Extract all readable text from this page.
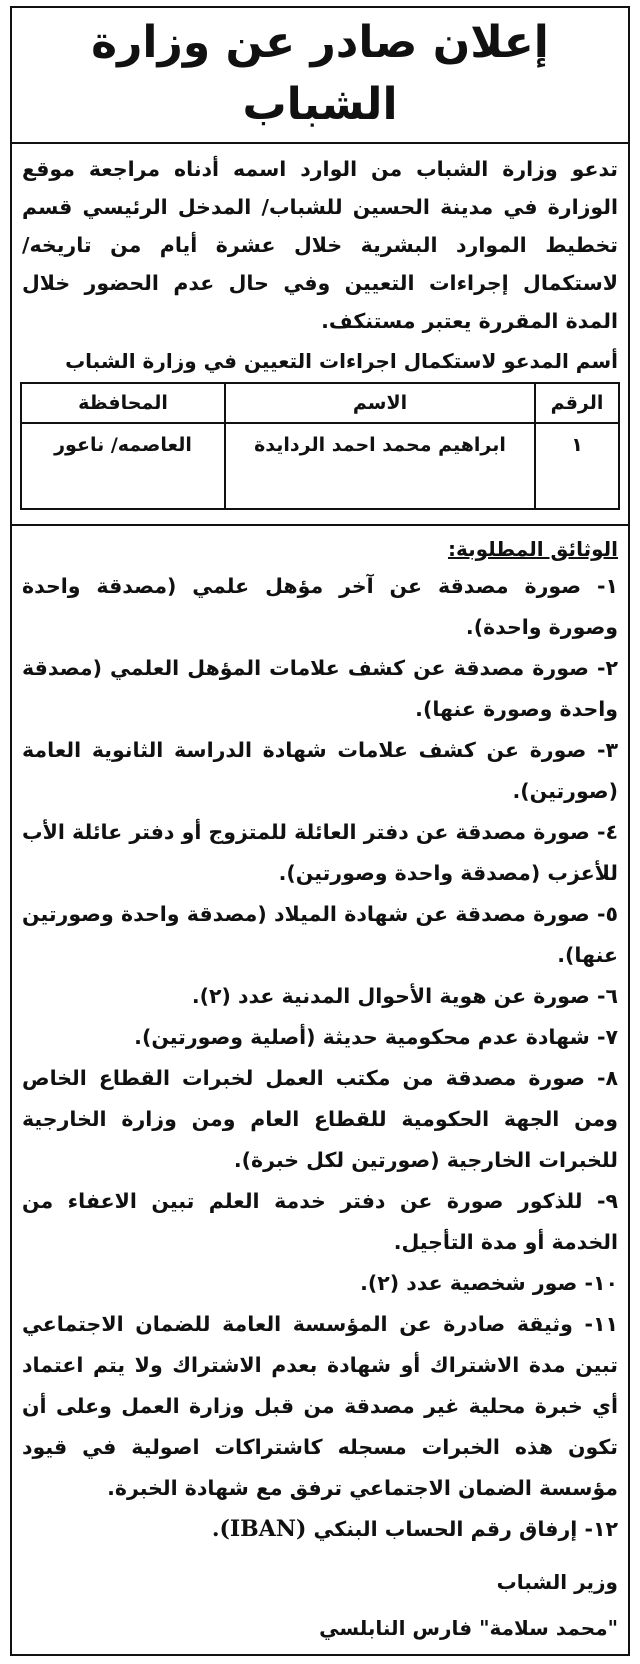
إعلان صادر عن وزارة الشباب

تدعو وزارة الشباب من الوارد اسمه أدناه مراجعة موقع الوزارة في مدينة الحسين للشباب/ المدخل الرئيسي قسم تخطيط الموارد البشرية خلال عشرة أيام من تاريخه/ لاستكمال إجراءات التعيين وفي حال عدم الحضور خلال المدة المقررة يعتبر مستنكف.

أسم المدعو لاستكمال اجراءات التعيين في وزارة الشباب

الرقم	الاسم	المحافظة
١	ابراهيم محمد احمد الردايدة	العاصمه/ ناعور

الوثائق المطلوبة:

١- صورة مصدقة عن آخر مؤهل علمي (مصدقة واحدة وصورة واحدة).
٢- صورة مصدقة عن كشف علامات المؤهل العلمي (مصدقة واحدة وصورة عنها).
٣- صورة عن كشف علامات شهادة الدراسة الثانوية العامة (صورتين).
٤- صورة مصدقة عن دفتر العائلة للمتزوج أو دفتر عائلة الأب للأعزب (مصدقة واحدة وصورتين).
٥- صورة مصدقة عن شهادة الميلاد (مصدقة واحدة وصورتين عنها).
٦- صورة عن هوية الأحوال المدنية عدد (٢).
٧- شهادة عدم محكومية حديثة (أصلية وصورتين).
٨- صورة مصدقة من مكتب العمل لخبرات القطاع الخاص ومن الجهة الحكومية للقطاع العام ومن وزارة الخارجية للخبرات الخارجية (صورتين لكل خبرة).
٩- للذكور صورة عن دفتر خدمة العلم تبين الاعفاء من الخدمة أو مدة التأجيل.
١٠- صور شخصية عدد (٢).
١١- وثيقة صادرة عن المؤسسة العامة للضمان الاجتماعي تبين مدة الاشتراك أو شهادة بعدم الاشتراك ولا يتم اعتماد أي خبرة محلية غير مصدقة من قبل وزارة العمل وعلى أن تكون هذه الخبرات مسجله كاشتراكات اصولية في قيود مؤسسة الضمان الاجتماعي ترفق مع شهادة الخبرة.
١٢- إرفاق رقم الحساب البنكي (IBAN).

وزير الشباب

"محمد سلامة" فارس النابلسي
